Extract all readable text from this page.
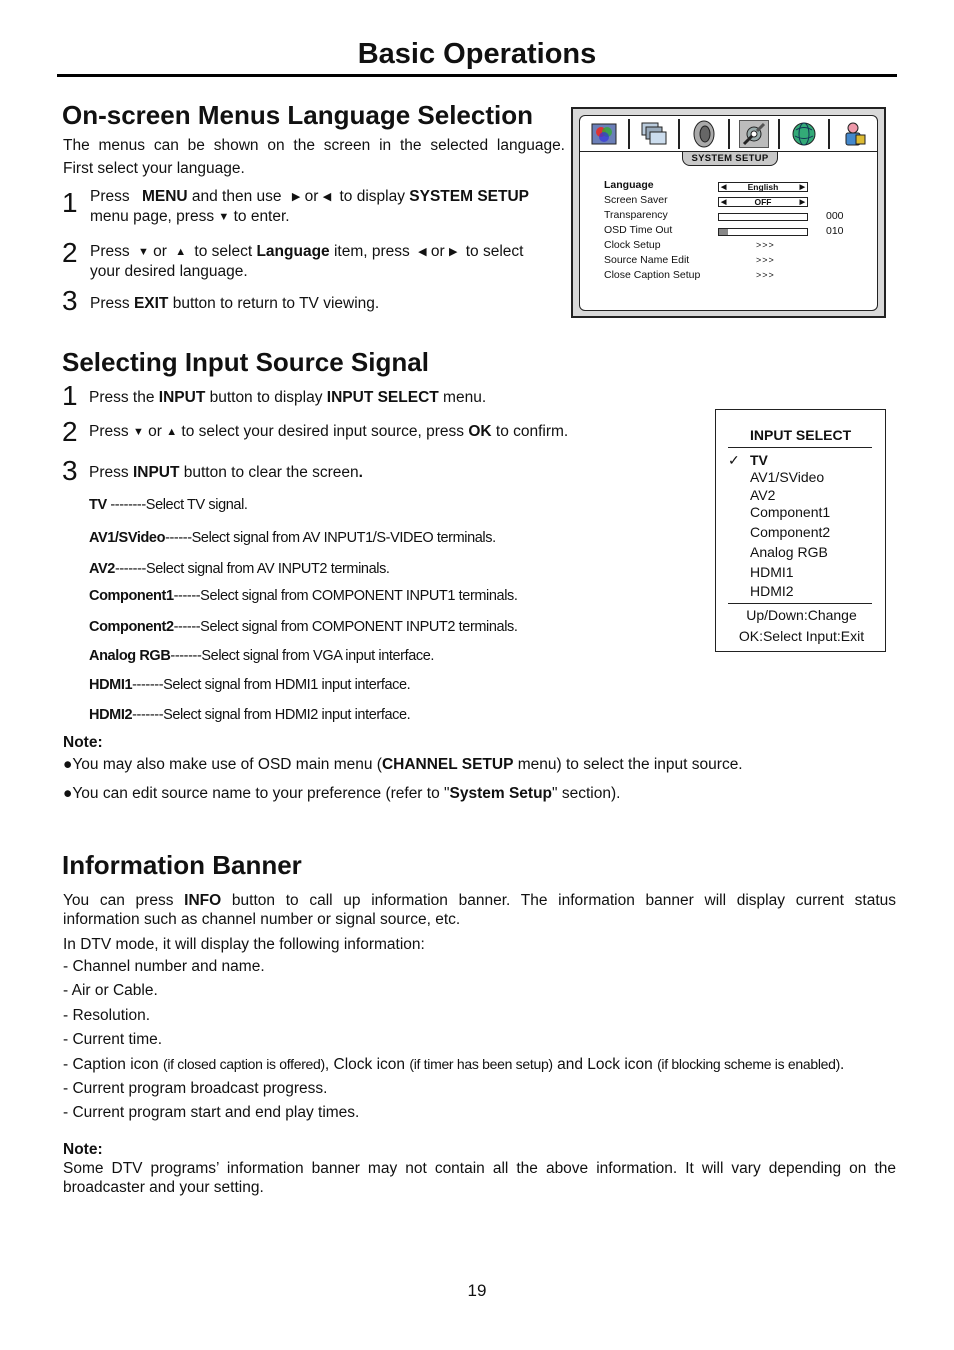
Basic Operations
On-screen Menus Language Selection
The menus can be shown on the screen in the selected language.
First select your language.
1 Press MENU and then use ▶ or ◀ to display SYSTEM SETUP
menu page, press ▼ to enter.
2 Press ▼ or ▲ to select Language item, press ◀ or ▶ to select
your desired language.
3 Press EXIT button to return to TV viewing.
SYSTEM SETUP
Language	◀	English	▶
Screen Saver	◀	OFF	▶
Transparency	000
OSD Time Out	010
Clock Setup	>>>
Source Name Edit	>>>
Close Caption Setup	>>>
Selecting Input Source Signal
1 Press the INPUT button to display INPUT SELECT menu.
2 Press ▼ or ▲ to select your desired input source, press OK to confirm.
3 Press INPUT button to clear the screen.
TV --------Select TV signal.
AV1/SVideo------Select signal from AV INPUT1/S-VIDEO terminals.
AV2-------Select signal from AV INPUT2 terminals.
Component1------Select signal from COMPONENT INPUT1 terminals.
Component2------Select signal from COMPONENT INPUT2 terminals.
Analog RGB-------Select signal from VGA input interface.
HDMI1-------Select signal from HDMI1 input interface.
HDMI2-------Select signal from HDMI2 input interface.
Note:
●You may also make use of OSD main menu (CHANNEL SETUP menu) to select the input source.
●You can edit source name to your preference (refer to "System Setup" section).
INPUT SELECT
✓ TV
AV1/SVideo
AV2
Component1
Component2
Analog RGB
HDMI1
HDMI2
Up/Down:Change
OK:Select Input:Exit
Information Banner
You can press INFO button to call up information banner. The information banner will display current status
information such as channel number or signal source, etc.
In DTV mode, it will display the following information:
- Channel number and name.
- Air or Cable.
- Resolution.
- Current time.
- Caption icon (if closed caption is offered), Clock icon (if timer has been setup) and Lock icon (if blocking scheme is enabled).
- Current program broadcast progress.
- Current program start and end play times.
Note:
Some DTV programs’ information banner may not contain all the above information. It will vary depending on the
broadcaster and your setting.
19
